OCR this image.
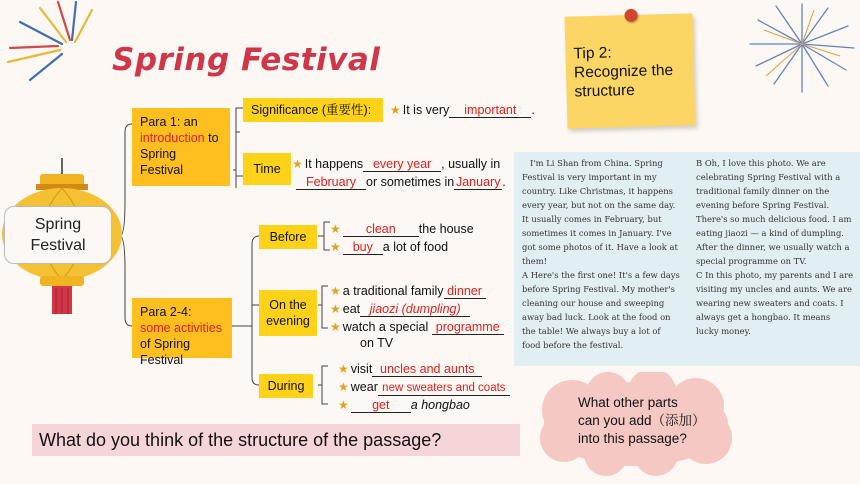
Spring Festival
Spring Festival
Para 1: an introduction to Spring Festival
Para 2-4: some activities of Spring Festival
Significance (重要性):	★ It is very important .
Time ★ It happens every year , usually in
February or sometimes in January .
Before
★ clean the house
★ buy a lot of food
On the evening
★ a traditional family dinner
★ eat jiaozi (dumpling)
★ watch a special programme
on TV
During
★ visit uncles and aunts
★ wear new sweaters and coats
★ get a hongbao

I'm Li Shan from China. Spring Festival is very important in my country. Like Christmas, it happens every year, but not on the same day. It usually comes in February, but sometimes it comes in January. I've got some photos of it. Have a look at them!

A Here's the first one! It's a few days before Spring Festival. My mother's cleaning our house and sweeping away bad luck. Look at the food on the table! We always buy a lot of food before the festival.

B Oh, I love this photo. We are celebrating Spring Festival with a traditional family dinner on the evening before Spring Festival. There's so much delicious food. I am eating jiaozi — a kind of dumpling. After the dinner, we usually watch a special programme on TV.

C In this photo, my parents and I are visiting my uncles and aunts. We are wearing new sweaters and coats. I always get a hongbao. It means lucky money.

Tip 2:
Recognize the
structure
What other parts
can you add（添加）
into this passage?
What do you think of the structure of the passage?
